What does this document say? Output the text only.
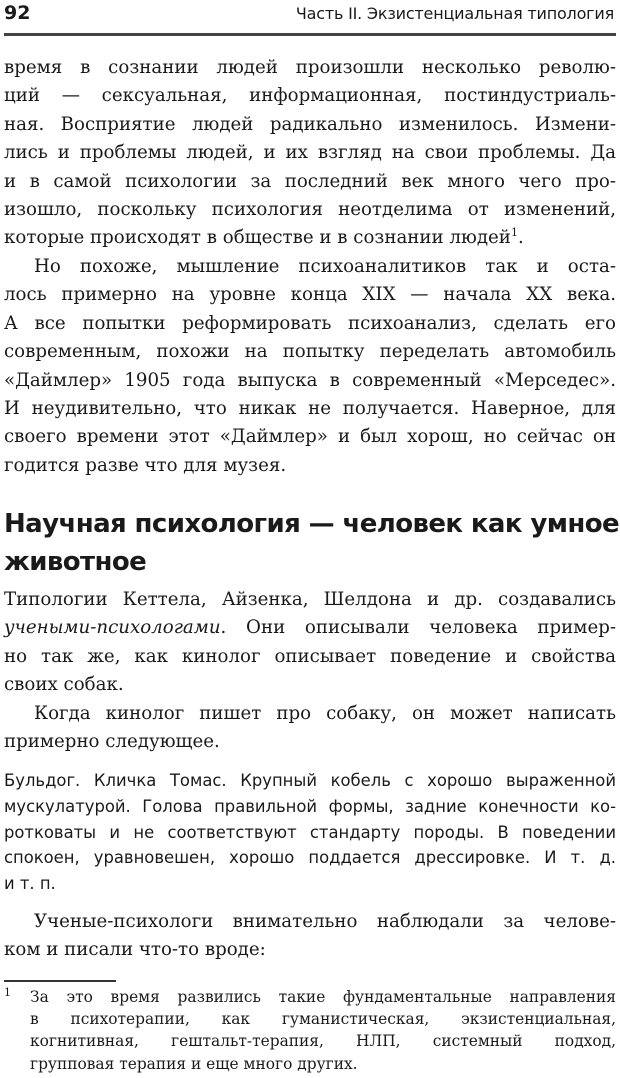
92	Часть II. Экзистенциальная типология
время в сознании людей произошли несколько револю-
ций — сексуальная, информационная, постиндустриаль-
ная. Восприятие людей радикально изменилось. Измени-
лись и проблемы людей, и их взгляд на свои проблемы. Да
и в самой психологии за последний век много чего про-
изошло, поскольку психология неотделима от изменений,
которые происходят в обществе и в сознании людей$^1$.
Но похоже, мышление психоаналитиков так и оста-
лось примерно на уровне конца XIX — начала XX века.
А все попытки реформировать психоанализ, сделать его
современным, похожи на попытку переделать автомобиль
«Даймлер» 1905 года выпуска в современный «Мерседес».
И неудивительно, что никак не получается. Наверное, для
своего времени этот «Даймлер» и был хорош, но сейчас он
годится разве что для музея.
Научная психология — человек как умное
животное
Типологии Кеттела, Айзенка, Шелдона и др. создавались
учеными-психологами. Они описывали человека пример-
но так же, как кинолог описывает поведение и свойства
своих собак.
Когда кинолог пишет про собаку, он может написать
примерно следующее.
Бульдог. Кличка Томас. Крупный кобель с хорошо выраженной
мускулатурой. Голова правильной формы, задние конечности ко-
ротковаты и не соответствуют стандарту породы. В поведении
спокоен, уравновешен, хорошо поддается дрессировке. И т. д.
и т. п.
Ученые-психологи внимательно наблюдали за челове-
ком и писали что-то вроде:
$^1$ За это время развились такие фундаментальные направления
в психотерапии, как гуманистическая, экзистенциальная,
когнитивная, гештальт-терапия, НЛП, системный подход,
групповая терапия и еще много других.
